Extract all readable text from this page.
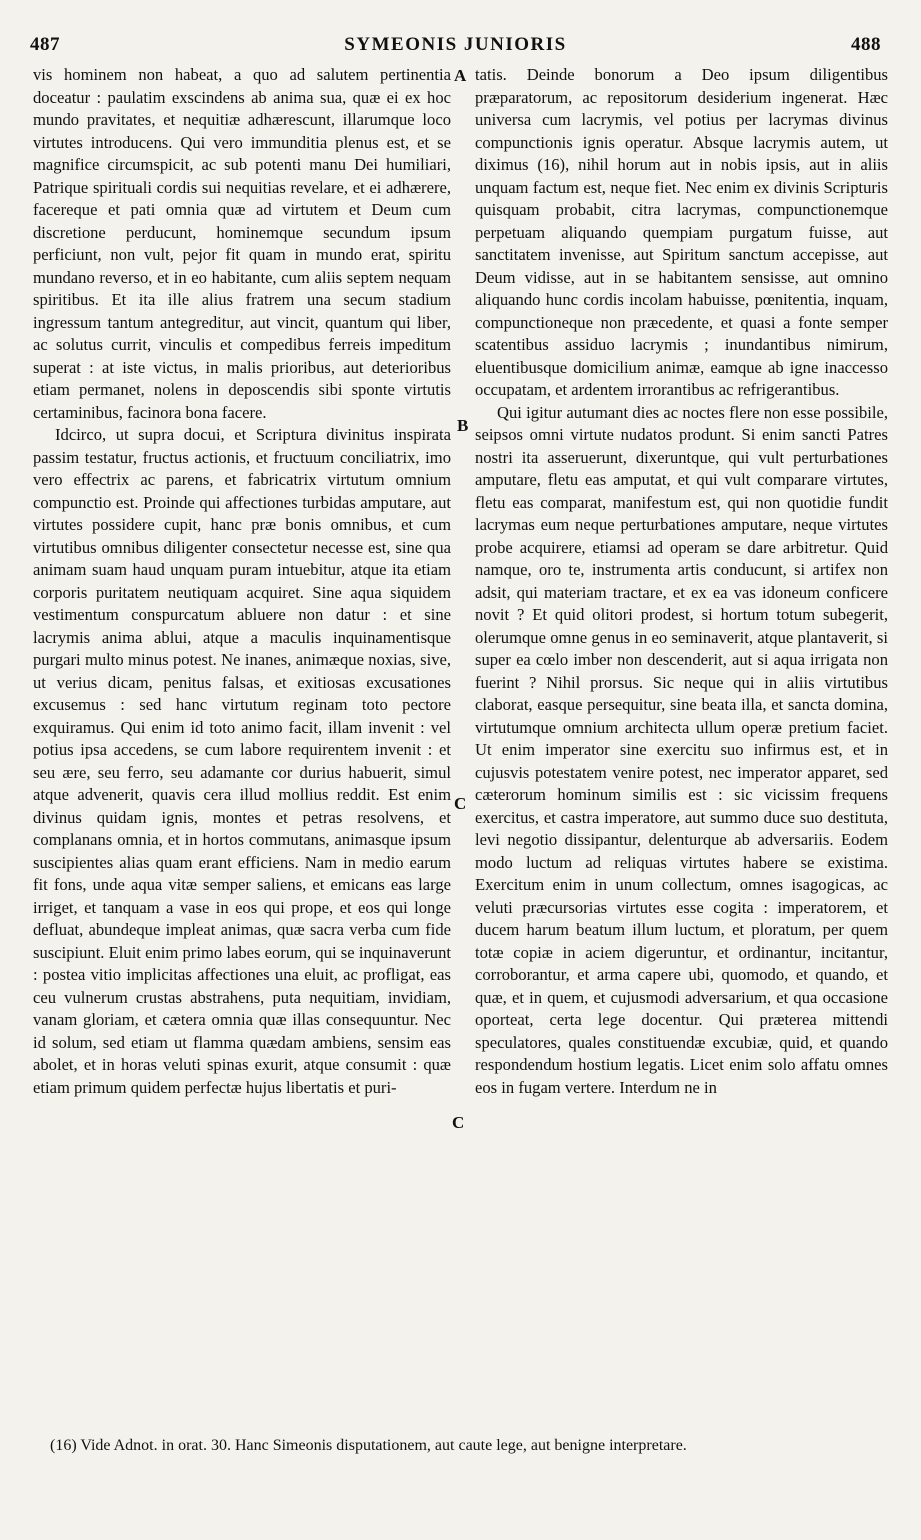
487	SYMEONIS JUNIORIS	488

vis hominem non habeat, a quo ad salutem pertinentia doceatur : paulatim exscindens ab anima sua, quæ ei ex hoc mundo pravitates, et nequitiæ adhærescunt, illarumque loco virtutes introducens. Qui vero immunditia plenus est, et se magnifice circumspicit, ac sub potenti manu Dei humiliari, Patrique spirituali cordis sui nequitias revelare, et ei adhærere, facereque et pati omnia quæ ad virtutem et Deum cum discretione perducunt, hominemque secundum ipsum perficiunt, non vult, pejor fit quam in mundo erat, spiritu mundano reverso, et in eo habitante, cum aliis septem nequam spiritibus. Et ita ille alius fratrem una secum stadium ingressum tantum antegreditur, aut vincit, quantum qui liber, ac solutus currit, vinculis et compedibus ferreis impeditum superat : at iste victus, in malis prioribus, aut deterioribus etiam permanet, nolens in deposcendis sibi sponte virtutis certaminibus, facinora bona facere.

Idcirco, ut supra docui, et Scriptura divinitus inspirata passim testatur, fructus actionis, et fructuum conciliatrix, imo vero effectrix ac parens, et fabricatrix virtutum omnium compunctio est. Proinde qui affectiones turbidas amputare, aut virtutes possidere cupit, hanc præ bonis omnibus, et cum virtutibus omnibus diligenter consectetur necesse est, sine qua animam suam haud unquam puram intuebitur, atque ita etiam corporis puritatem neutiquam acquiret. Sine aqua siquidem vestimentum conspurcatum abluere non datur : et sine lacrymis anima ablui, atque a maculis inquinamentisque purgari multo minus potest. Ne inanes, animæque noxias, sive, ut verius dicam, penitus falsas, et exitiosas excusationes excusemus : sed hanc virtutum reginam toto pectore exquiramus. Qui enim id toto animo facit, illam invenit : vel potius ipsa accedens, se cum labore requirentem invenit : et seu ære, seu ferro, seu adamante cor durius habuerit, simul atque advenerit, quavis cera illud mollius reddit. Est enim divinus quidam ignis, montes et petras resolvens, et complanans omnia, et in hortos commutans, animasque ipsum suscipientes alias quam erant efficiens. Nam in medio earum fit fons, unde aqua vitæ semper saliens, et emicans eas large irriget, et tanquam a vase in eos qui prope, et eos qui longe defluat, abundeque impleat animas, quæ sacra verba cum fide suscipiunt. Eluit enim primo labes eorum, qui se inquinaverunt : postea vitio implicitas affectiones una eluit, ac profligat, eas ceu vulnerum crustas abstrahens, puta nequitiam, invidiam, vanam gloriam, et cætera omnia quæ illas consequuntur. Nec id solum, sed etiam ut flamma quædam ambiens, sensim eas abolet, et in horas veluti spinas exurit, atque consumit : quæ etiam primum quidem perfectæ hujus libertatis et puri-

A
B
C
C

tatis. Deinde bonorum a Deo ipsum diligentibus præparatorum, ac repositorum desiderium ingenerat. Hæc universa cum lacrymis, vel potius per lacrymas divinus compunctionis ignis operatur. Absque lacrymis autem, ut diximus (16), nihil horum aut in nobis ipsis, aut in aliis unquam factum est, neque fiet. Nec enim ex divinis Scripturis quisquam probabit, citra lacrymas, compunctionemque perpetuam aliquando quempiam purgatum fuisse, aut sanctitatem invenisse, aut Spiritum sanctum accepisse, aut Deum vidisse, aut in se habitantem sensisse, aut omnino aliquando hunc cordis incolam habuisse, pœnitentia, inquam, compunctioneque non præcedente, et quasi a fonte semper scatentibus assiduo lacrymis ; inundantibus nimirum, eluentibusque domicilium animæ, eamque ab igne inaccesso occupatam, et ardentem irrorantibus ac refrigerantibus.

Qui igitur autumant dies ac noctes flere non esse possibile, seipsos omni virtute nudatos produnt. Si enim sancti Patres nostri ita asseruerunt, dixeruntque, qui vult perturbationes amputare, fletu eas amputat, et qui vult comparare virtutes, fletu eas comparat, manifestum est, qui non quotidie fundit lacrymas eum neque perturbationes amputare, neque virtutes probe acquirere, etiamsi ad operam se dare arbitretur. Quid namque, oro te, instrumenta artis conducunt, si artifex non adsit, qui materiam tractare, et ex ea vas idoneum conficere novit ? Et quid olitori prodest, si hortum totum subegerit, olerumque omne genus in eo seminaverit, atque plantaverit, si super ea cœlo imber non descenderit, aut si aqua irrigata non fuerint ? Nihil prorsus. Sic neque qui in aliis virtutibus claborat, easque persequitur, sine beata illa, et sancta domina, virtutumque omnium architecta ullum operæ pretium faciet. Ut enim imperator sine exercitu suo infirmus est, et in cujusvis potestatem venire potest, nec imperator apparet, sed cæterorum hominum similis est : sic vicissim frequens exercitus, et castra imperatore, aut summo duce suo destituta, levi negotio dissipantur, delenturque ab adversariis. Eodem modo luctum ad reliquas virtutes habere se existima. Exercitum enim in unum collectum, omnes isagogicas, ac veluti præcursorias virtutes esse cogita : imperatorem, et ducem harum beatum illum luctum, et ploratum, per quem totæ copiæ in aciem digeruntur, et ordinantur, incitantur, corroborantur, et arma capere ubi, quomodo, et quando, et quæ, et in quem, et cujusmodi adversarium, et qua occasione oporteat, certa lege docentur. Qui præterea mittendi speculatores, quales constituendæ excubiæ, quid, et quando respondendum hostium legatis. Licet enim solo affatu omnes eos in fugam vertere. Interdum ne in

(16) Vide Adnot. in orat. 30. Hanc Simeonis disputationem, aut caute lege, aut benigne interpretare.
